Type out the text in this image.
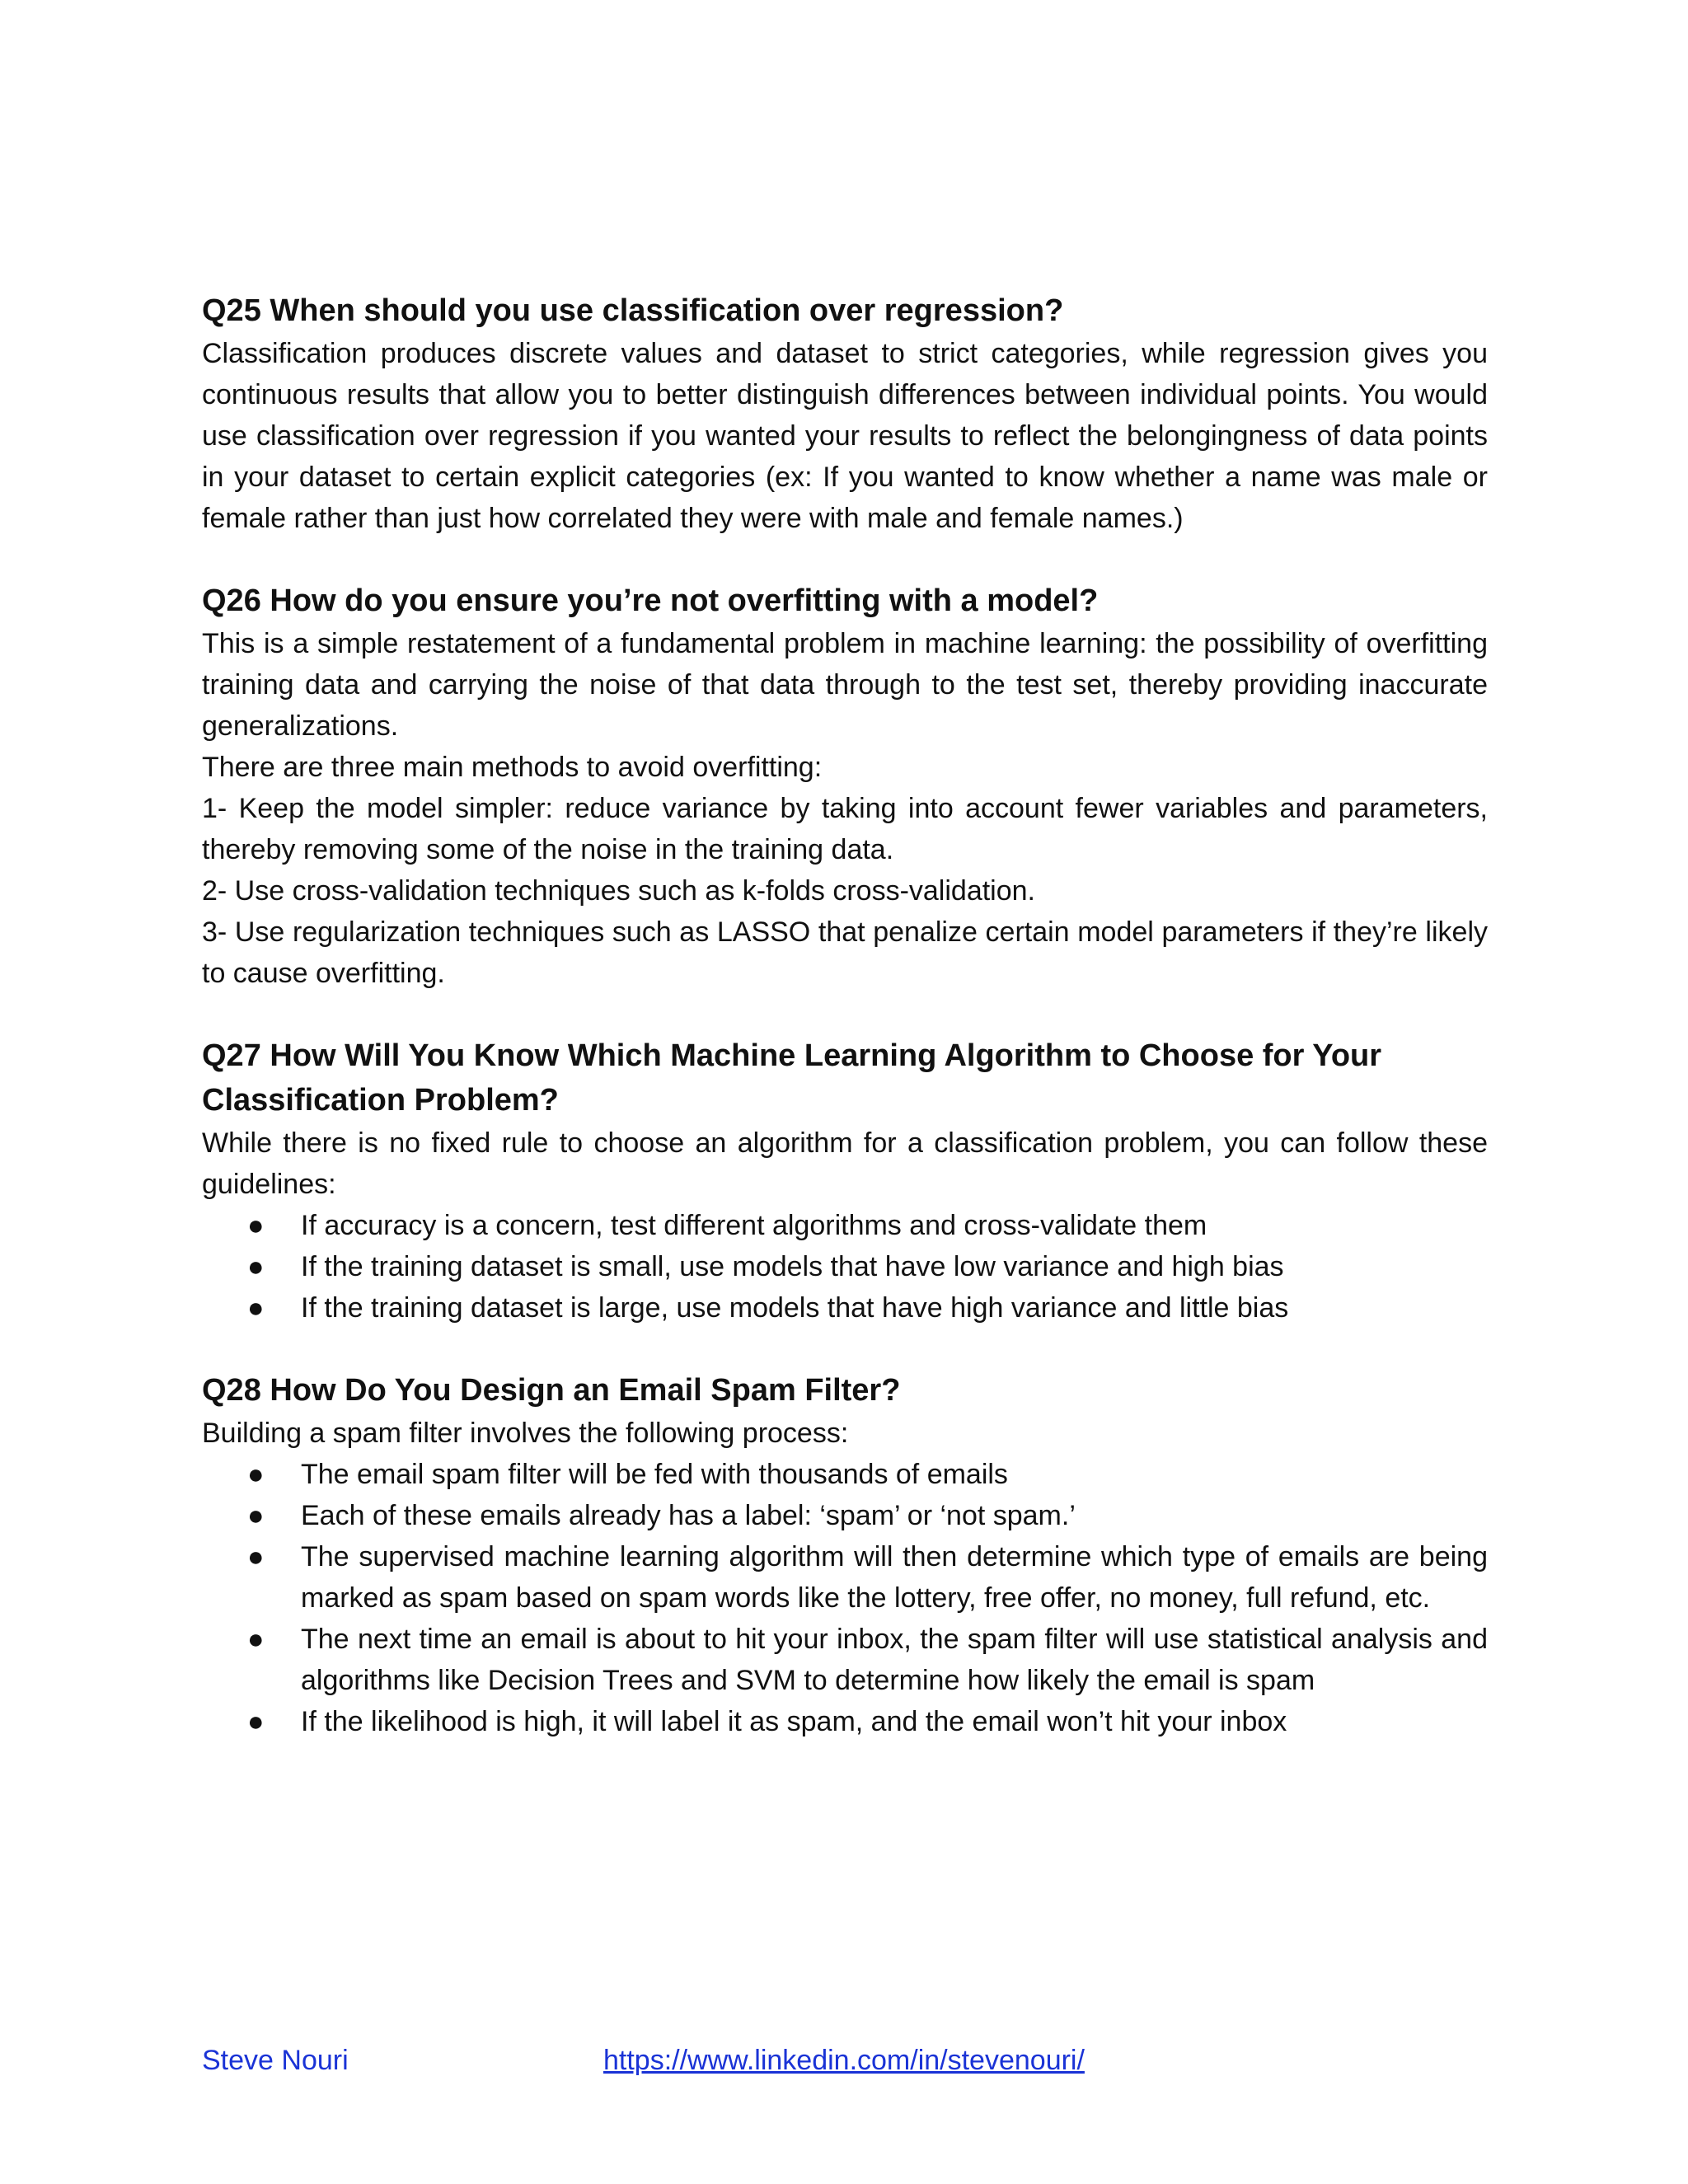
Q25 When should you use classification over regression?

Classification produces discrete values and dataset to strict categories, while regression gives you continuous results that allow you to better distinguish differences between individual points. You would use classification over regression if you wanted your results to reflect the belongingness of data points in your dataset to certain explicit categories (ex: If you wanted to know whether a name was male or female rather than just how correlated they were with male and female names.)

Q26 How do you ensure you’re not overfitting with a model?

This is a simple restatement of a fundamental problem in machine learning: the possibility of overfitting training data and carrying the noise of that data through to the test set, thereby providing inaccurate generalizations.

There are three main methods to avoid overfitting:

1- Keep the model simpler: reduce variance by taking into account fewer variables and parameters, thereby removing some of the noise in the training data.

2- Use cross-validation techniques such as k-folds cross-validation.

3- Use regularization techniques such as LASSO that penalize certain model parameters if they’re likely to cause overfitting.

Q27 How Will You Know Which Machine Learning Algorithm to Choose for Your Classification Problem?

While there is no fixed rule to choose an algorithm for a classification problem, you can follow these guidelines:

●	If accuracy is a concern, test different algorithms and cross-validate them
●	If the training dataset is small, use models that have low variance and high bias
●	If the training dataset is large, use models that have high variance and little bias

Q28 How Do You Design an Email Spam Filter?

Building a spam filter involves the following process:

●	The email spam filter will be fed with thousands of emails
●	Each of these emails already has a label: ‘spam’ or ‘not spam.’
●	The supervised machine learning algorithm will then determine which type of emails are being marked as spam based on spam words like the lottery, free offer, no money, full refund, etc.
●	The next time an email is about to hit your inbox, the spam filter will use statistical analysis and algorithms like Decision Trees and SVM to determine how likely the email is spam
●	If the likelihood is high, it will label it as spam, and the email won’t hit your inbox
Steve Nouri	https://www.linkedin.com/in/stevenouri/
